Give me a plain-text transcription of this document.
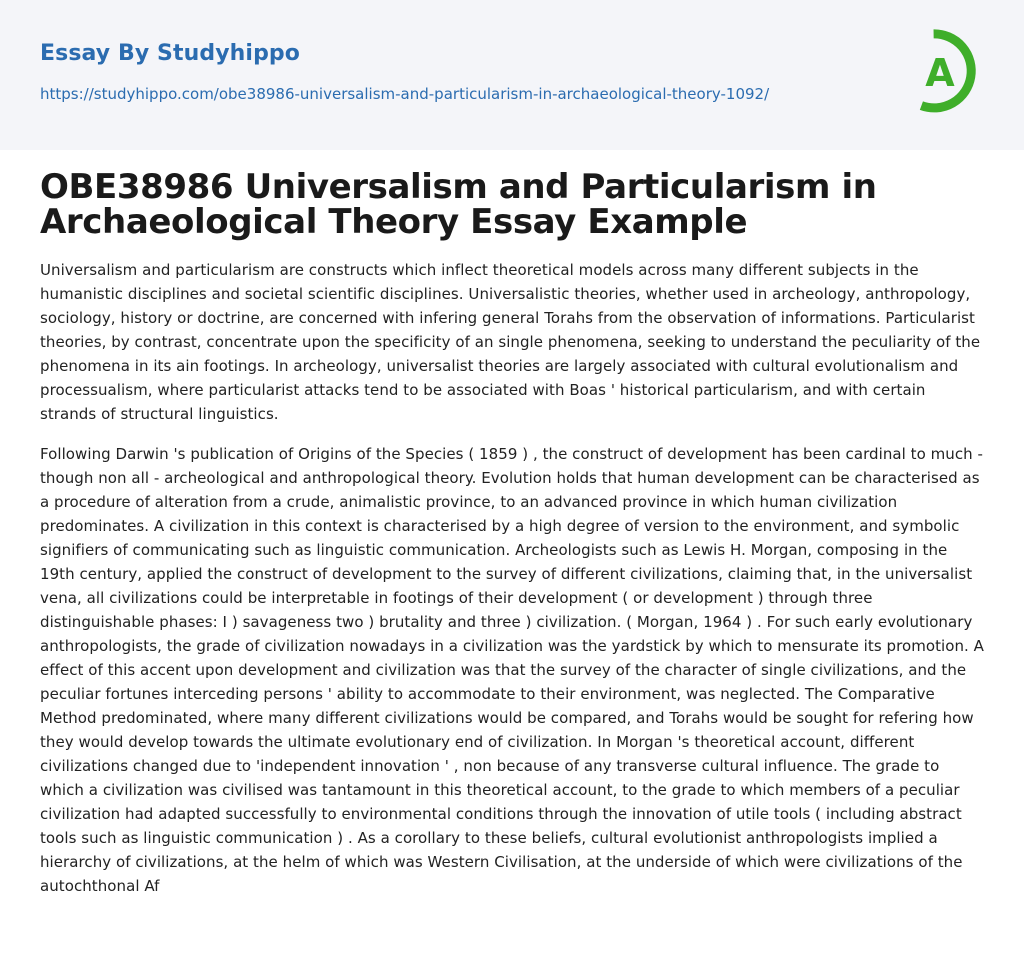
Essay By Studyhippo
https://studyhippo.com/obe38986-universalism-and-particularism-in-archaeological-theory-1092/	A
OBE38986 Universalism and Particularism in Archaeological Theory Essay Example

Universalism and particularism are constructs which inflect theoretical models across many different subjects in the humanistic disciplines and societal scientific disciplines. Universalistic theories, whether used in archeology, anthropology, sociology, history or doctrine, are concerned with infering general Torahs from the observation of informations. Particularist theories, by contrast, concentrate upon the specificity of an single phenomena, seeking to understand the peculiarity of the phenomena in its ain footings. In archeology, universalist theories are largely associated with cultural evolutionalism and processualism, where particularist attacks tend to be associated with Boas ' historical particularism, and with certain strands of structural linguistics.

Following Darwin 's publication of Origins of the Species ( 1859 ) , the construct of development has been cardinal to much - though non all - archeological and anthropological theory. Evolution holds that human development can be characterised as a procedure of alteration from a crude, animalistic province, to an advanced province in which human civilization predominates. A civilization in this context is characterised by a high degree of version to the environment, and symbolic signifiers of communicating such as linguistic communication. Archeologists such as Lewis H. Morgan, composing in the 19th century, applied the construct of development to the survey of different civilizations, claiming that, in the universalist vena, all civilizations could be interpretable in footings of their development ( or development ) through three distinguishable phases: I ) savageness two ) brutality and three ) civilization. ( Morgan, 1964 ) . For such early evolutionary anthropologists, the grade of civilization nowadays in a civilization was the yardstick by which to mensurate its promotion. A effect of this accent upon development and civilization was that the survey of the character of single civilizations, and the peculiar fortunes interceding persons ' ability to accommodate to their environment, was neglected. The Comparative Method predominated, where many different civilizations would be compared, and Torahs would be sought for refering how they would develop towards the ultimate evolutionary end of civilization. In Morgan 's theoretical account, different civilizations changed due to 'independent innovation ' , non because of any transverse cultural influence. The grade to which a civilization was civilised was tantamount in this theoretical account, to the grade to which members of a peculiar civilization had adapted successfully to environmental conditions through the innovation of utile tools ( including abstract tools such as linguistic communication ) . As a corollary to these beliefs, cultural evolutionist anthropologists implied a hierarchy of civilizations, at the helm of which was Western Civilisation, at the underside of which were civilizations of the autochthonal Af
